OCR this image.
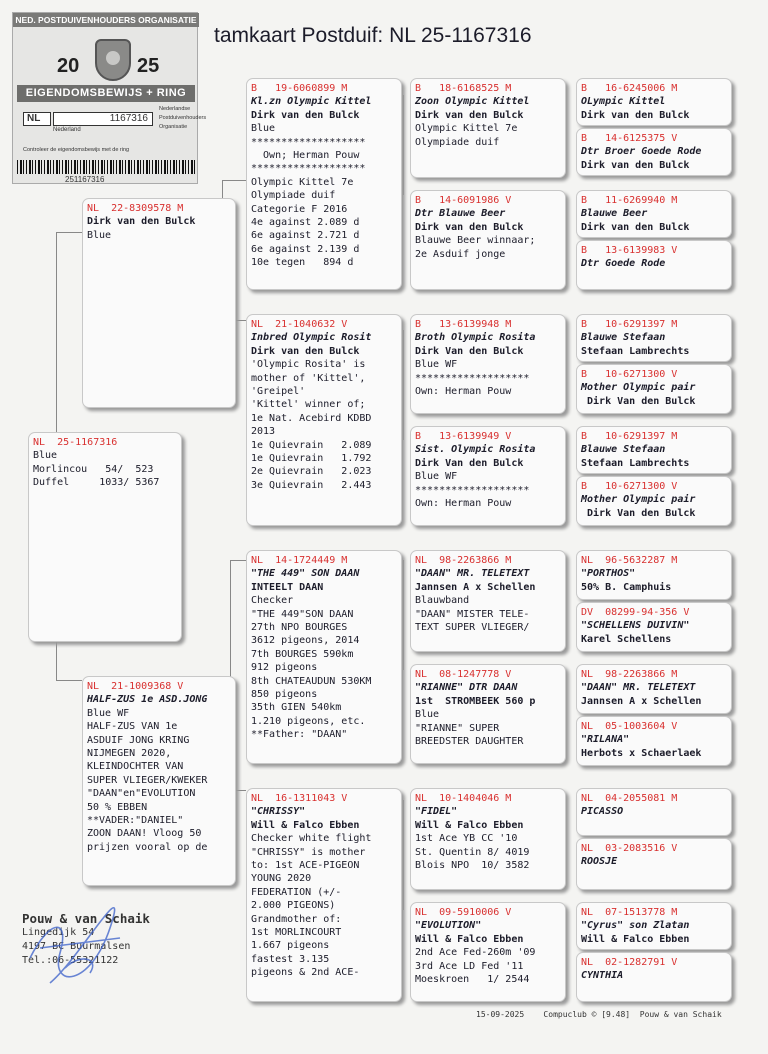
NED. POSTDUIVENHOUDERS ORGANISATIE
20	25
EIGENDOMSBEWIJS + RING
NL	1167316
Nederlandse
Postduivenhouders
Organisatie
Nederland
Controleer de eigendomsbewijs met de ring
251167316
tamkaart Postduif: NL 25-1167316
NL  25-1167316
Blue
Morlincou   54/  523
Duffel     1033/ 5367
NL  22-8309578 M
Dirk van den Bulck
Blue
NL  21-1009368 V
HALF-ZUS 1e ASD.JONG
Blue WF
HALF-ZUS VAN 1e
ASDUIF JONG KRING
NIJMEGEN 2020,
KLEINDOCHTER VAN
SUPER VLIEGER/KWEKER
"DAAN"en"EVOLUTION
50 % EBBEN
**VADER:"DANIEL"
ZOON DAAN! Vloog 50
prijzen vooral op de
B   19-6060899 M
Kl.zn Olympic Kittel
Dirk van den Bulck
Blue
*******************
Own; Herman Pouw
*******************
Olympic Kittel 7e
Olympiade duif
Categorie F 2016
4e against 2.089 d
6e against 2.721 d
6e against 2.139 d
10e tegen   894 d
NL  21-1040632 V
Inbred Olympic Rosit
Dirk van den Bulck
'Olympic Rosita' is
mother of 'Kittel',
'Greipel'
'Kittel' winner of;
1e Nat. Acebird KDBD
2013
1e Quievrain   2.089
1e Quievrain   1.792
2e Quievrain   2.023
3e Quievrain   2.443
NL  14-1724449 M
"THE 449" SON DAAN
INTEELT DAAN
Checker
"THE 449"SON DAAN
27th NPO BOURGES
3612 pigeons, 2014
7th BOURGES 590km
912 pigeons
8th CHATEAUDUN 530KM
850 pigeons
35th GIEN 540km
1.210 pigeons, etc.
**Father: "DAAN"
NL  16-1311043 V
"CHRISSY"
Will & Falco Ebben
Checker white flight
"CHRISSY" is mother
to: 1st ACE-PIGEON
YOUNG 2020
FEDERATION (+/-
2.000 PIGEONS)
Grandmother of:
1st MORLINCOURT
1.667 pigeons
fastest 3.135
pigeons & 2nd ACE-
B   18-6168525 M
Zoon Olympic Kittel
Dirk van den Bulck
Olympic Kittel 7e
Olympiade duif
B   14-6091986 V
Dtr Blauwe Beer
Dirk van den Bulck
Blauwe Beer winnaar;
2e Asduif jonge
B   13-6139948 M
Broth Olympic Rosita
Dirk Van den Bulck
Blue WF
*******************
Own: Herman Pouw
B   13-6139949 V
Sist. Olympic Rosita
Dirk Van den Bulck
Blue WF
*******************
Own: Herman Pouw
NL  98-2263866 M
"DAAN" MR. TELETEXT
Jannsen A x Schellen
Blauwband
"DAAN" MISTER TELE-
TEXT SUPER VLIEGER/
NL  08-1247778 V
"RIANNE" DTR DAAN
1st  STROMBEEK 560 p
Blue
"RIANNE" SUPER
BREEDSTER DAUGHTER
NL  10-1404046 M
"FIDEL"
Will & Falco Ebben
1st Ace YB CC '10
St. Quentin 8/ 4019
Blois NPO  10/ 3582
NL  09-5910006 V
"EVOLUTION"
Will & Falco Ebben
2nd Ace Fed-260m '09
3rd Ace LD Fed '11
Moeskroen   1/ 2544
B   16-6245006 M
OLympic Kittel
Dirk van den Bulck
B   14-6125375 V
Dtr Broer Goede Rode
Dirk van den Bulck
B   11-6269940 M
Blauwe Beer
Dirk van den Bulck
B   13-6139983 V
Dtr Goede Rode
B   10-6291397 M
Blauwe Stefaan
Stefaan Lambrechts
B   10-6271300 V
Mother Olympic pair
Dirk Van den Bulck
B   10-6291397 M
Blauwe Stefaan
Stefaan Lambrechts
B   10-6271300 V
Mother Olympic pair
Dirk Van den Bulck
NL  96-5632287 M
"PORTHOS"
50% B. Camphuis
DV  08299-94-356 V
"SCHELLENS DUIVIN"
Karel Schellens
NL  98-2263866 M
"DAAN" MR. TELETEXT
Jannsen A x Schellen
NL  05-1003604 V
"RILANA"
Herbots x Schaerlaek
NL  04-2055081 M
PICASSO
NL  03-2083516 V
ROOSJE
NL  07-1513778 M
"Cyrus" son Zlatan
Will & Falco Ebben
NL  02-1282791 V
CYNTHIA
Pouw & van Schaik
Lingedijk 54
4197 BC Buurmalsen
Tel.:06-55321122
15-09-2025    Compuclub © [9.48]  Pouw & van Schaik
